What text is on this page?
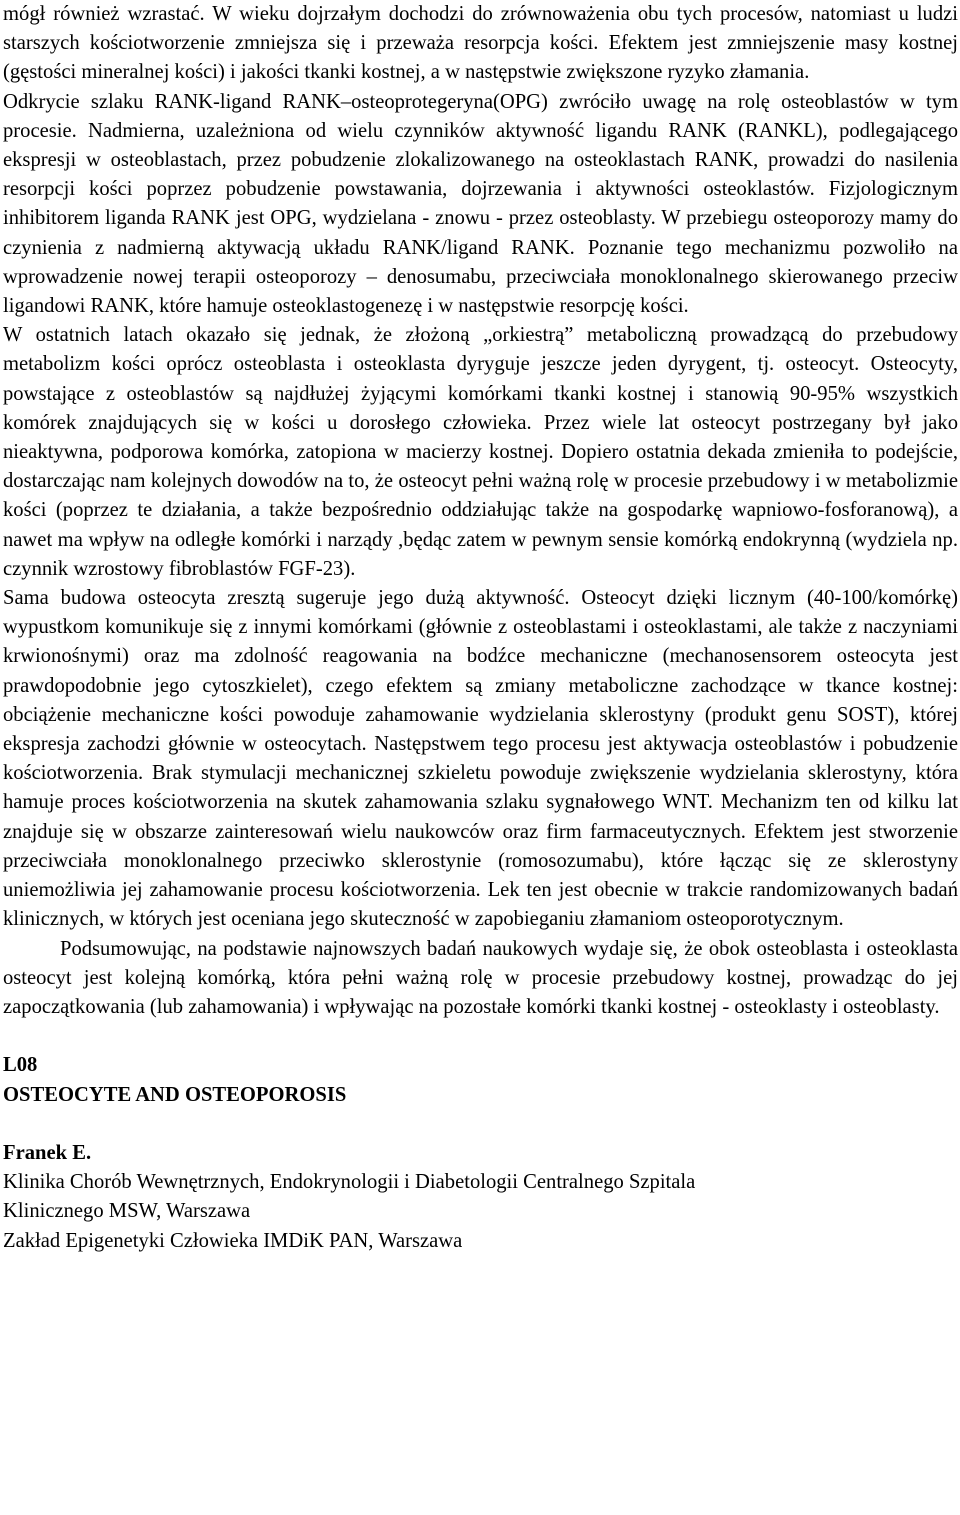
mógł również wzrastać. W wieku dojrzałym dochodzi do zrównoważenia obu tych procesów, natomiast u ludzi starszych kościotworzenie zmniejsza się i przeważa resorpcja kości. Efektem jest zmniejszenie masy kostnej (gęstości mineralnej kości) i jakości tkanki kostnej, a w następstwie zwiększone ryzyko złamania.

Odkrycie szlaku RANK-ligand RANK–osteoprotegeryna(OPG) zwróciło uwagę na rolę osteoblastów w tym procesie. Nadmierna, uzależniona od wielu czynników aktywność ligandu RANK (RANKL), podlegającego ekspresji w osteoblastach, przez pobudzenie zlokalizowanego na osteoklastach RANK, prowadzi do nasilenia resorpcji kości poprzez pobudzenie powstawania, dojrzewania i aktywności osteoklastów. Fizjologicznym inhibitorem liganda RANK jest OPG, wydzielana - znowu - przez osteoblasty. W przebiegu osteoporozy mamy do czynienia z nadmierną aktywacją układu RANK/ligand RANK. Poznanie tego mechanizmu pozwoliło na wprowadzenie nowej terapii osteoporozy – denosumabu, przeciwciała monoklonalnego skierowanego przeciw ligandowi RANK, które hamuje osteoklastogenezę i w następstwie resorpcję kości.

W ostatnich latach okazało się jednak, że złożoną „orkiestrą” metaboliczną prowadzącą do przebudowy metabolizm kości oprócz osteoblasta i osteoklasta dyryguje jeszcze jeden dyrygent, tj. osteocyt. Osteocyty, powstające z osteoblastów są najdłużej żyjącymi komórkami tkanki kostnej i stanowią 90-95% wszystkich komórek znajdujących się w kości u dorosłego człowieka. Przez wiele lat osteocyt postrzegany był jako nieaktywna, podporowa komórka, zatopiona w macierzy kostnej. Dopiero ostatnia dekada zmieniła to podejście, dostarczając nam kolejnych dowodów na to, że osteocyt pełni ważną rolę w procesie przebudowy i w metabolizmie kości (poprzez te działania, a także bezpośrednio oddziałując także na gospodarkę wapniowo-fosforanową), a nawet ma wpływ na odległe komórki i narządy ,będąc zatem w pewnym sensie komórką endokrynną (wydziela np. czynnik wzrostowy fibroblastów FGF-23).

Sama budowa osteocyta zresztą sugeruje jego dużą aktywność. Osteocyt dzięki licznym (40-100/komórkę) wypustkom komunikuje się z innymi komórkami (głównie z osteoblastami i osteoklastami, ale także z naczyniami krwionośnymi) oraz ma zdolność reagowania na bodźce mechaniczne (mechanosensorem osteocyta jest prawdopodobnie jego cytoszkielet), czego efektem są zmiany metaboliczne zachodzące w tkance kostnej: obciążenie mechaniczne kości powoduje zahamowanie wydzielania sklerostyny (produkt genu SOST), której ekspresja zachodzi głównie w osteocytach. Następstwem tego procesu jest aktywacja osteoblastów i pobudzenie kościotworzenia. Brak stymulacji mechanicznej szkieletu powoduje zwiększenie wydzielania sklerostyny, która hamuje proces kościotworzenia na skutek zahamowania szlaku sygnałowego WNT. Mechanizm ten od kilku lat znajduje się w obszarze zainteresowań wielu naukowców oraz firm farmaceutycznych. Efektem jest stworzenie przeciwciała monoklonalnego przeciwko sklerostynie (romosozumabu), które łącząc się ze sklerostyny uniemożliwia jej zahamowanie procesu kościotworzenia. Lek ten jest obecnie w trakcie randomizowanych badań klinicznych, w których jest oceniana jego skuteczność w zapobieganiu złamaniom osteoporotycznym.

Podsumowując, na podstawie najnowszych badań naukowych wydaje się, że obok osteoblasta i osteoklasta osteocyt jest kolejną komórką, która pełni ważną rolę w procesie przebudowy kostnej, prowadząc do jej zapoczątkowania (lub zahamowania) i wpływając na pozostałe komórki tkanki kostnej - osteoklasty i osteoblasty.

L08

OSTEOCYTE AND OSTEOPOROSIS

Franek E.

Klinika Chorób Wewnętrznych, Endokrynologii i Diabetologii Centralnego Szpitala

Klinicznego MSW, Warszawa

Zakład Epigenetyki Człowieka IMDiK PAN, Warszawa
